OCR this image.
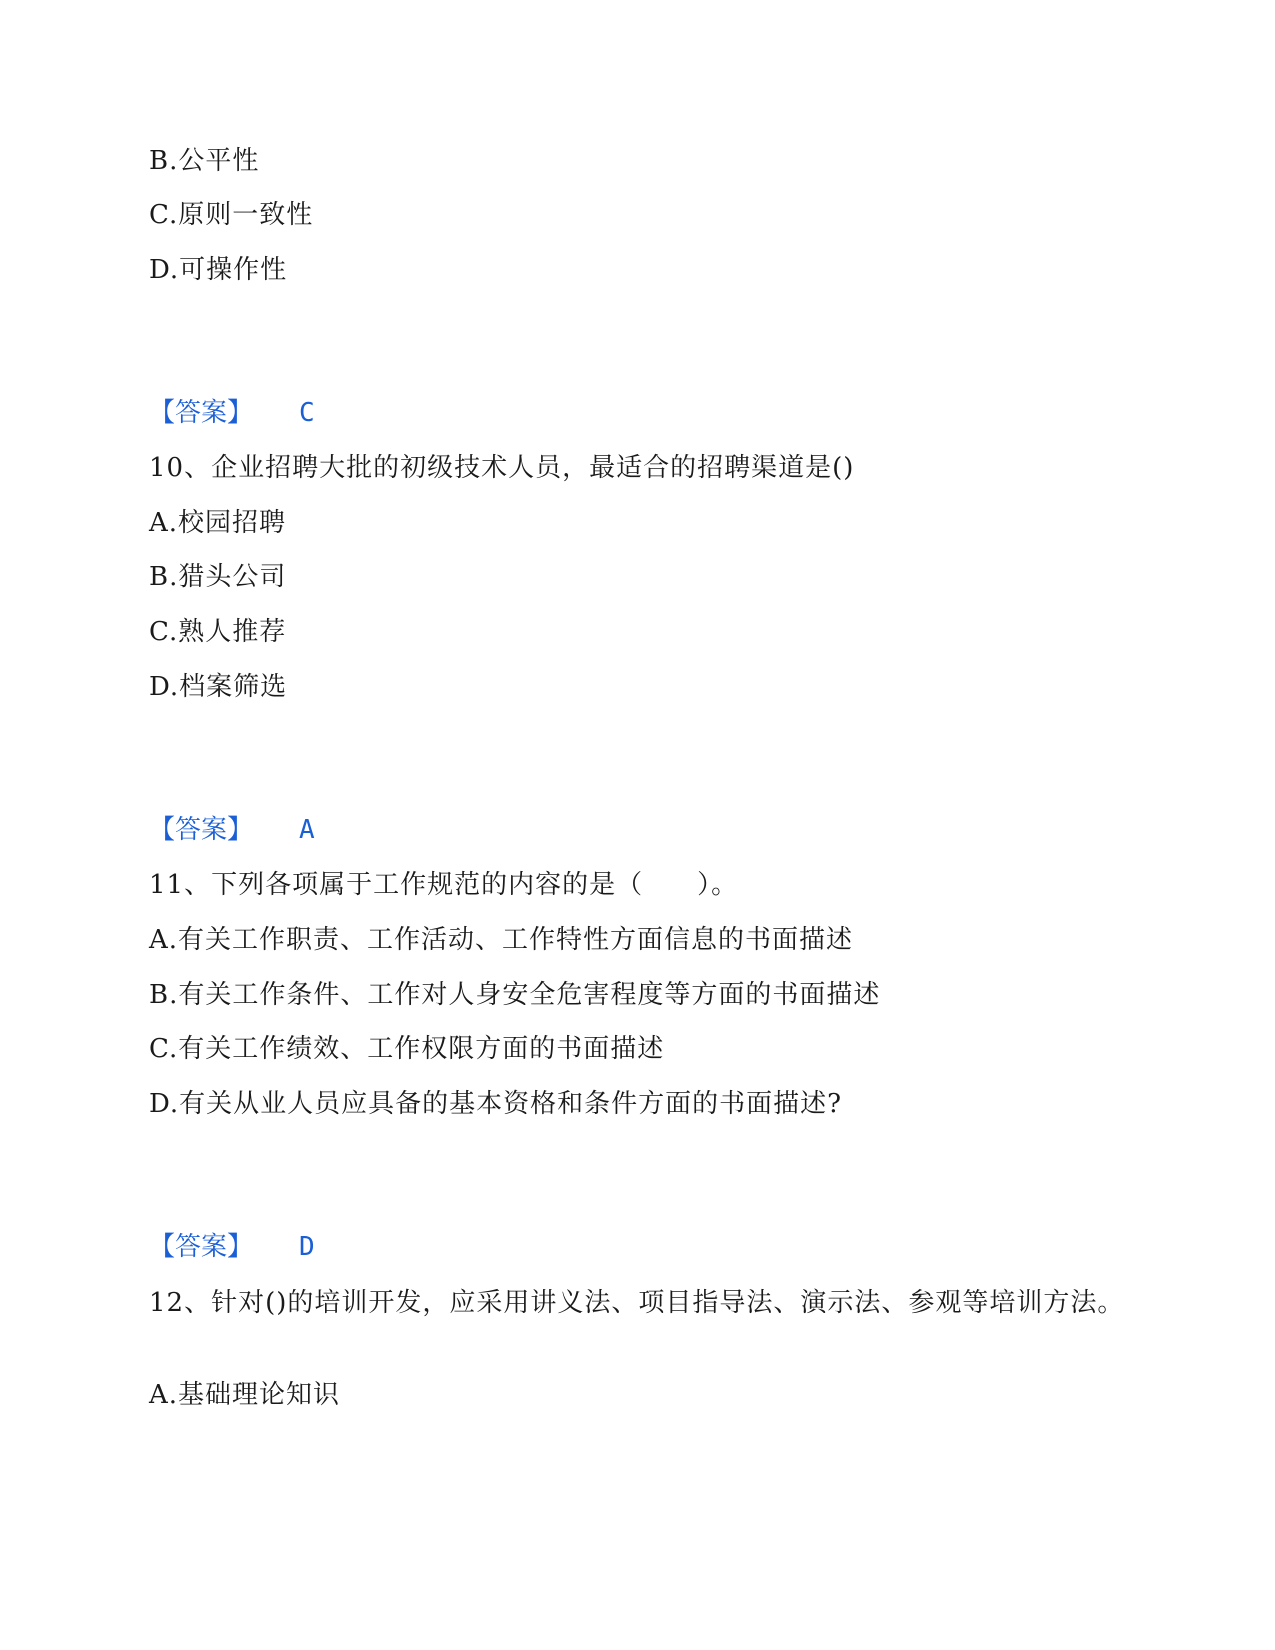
B.公平性
C.原则一致性
D.可操作性
【答案】 C
10、企业招聘大批的初级技术人员，最适合的招聘渠道是()
A.校园招聘
B.猎头公司
C.熟人推荐
D.档案筛选
【答案】 A
11、下列各项属于工作规范的内容的是（　　）。
A.有关工作职责、工作活动、工作特性方面信息的书面描述
B.有关工作条件、工作对人身安全危害程度等方面的书面描述
C.有关工作绩效、工作权限方面的书面描述
D.有关从业人员应具备的基本资格和条件方面的书面描述?
【答案】 D
12、针对()的培训开发，应采用讲义法、项目指导法、演示法、参观等培训方法。
A.基础理论知识
